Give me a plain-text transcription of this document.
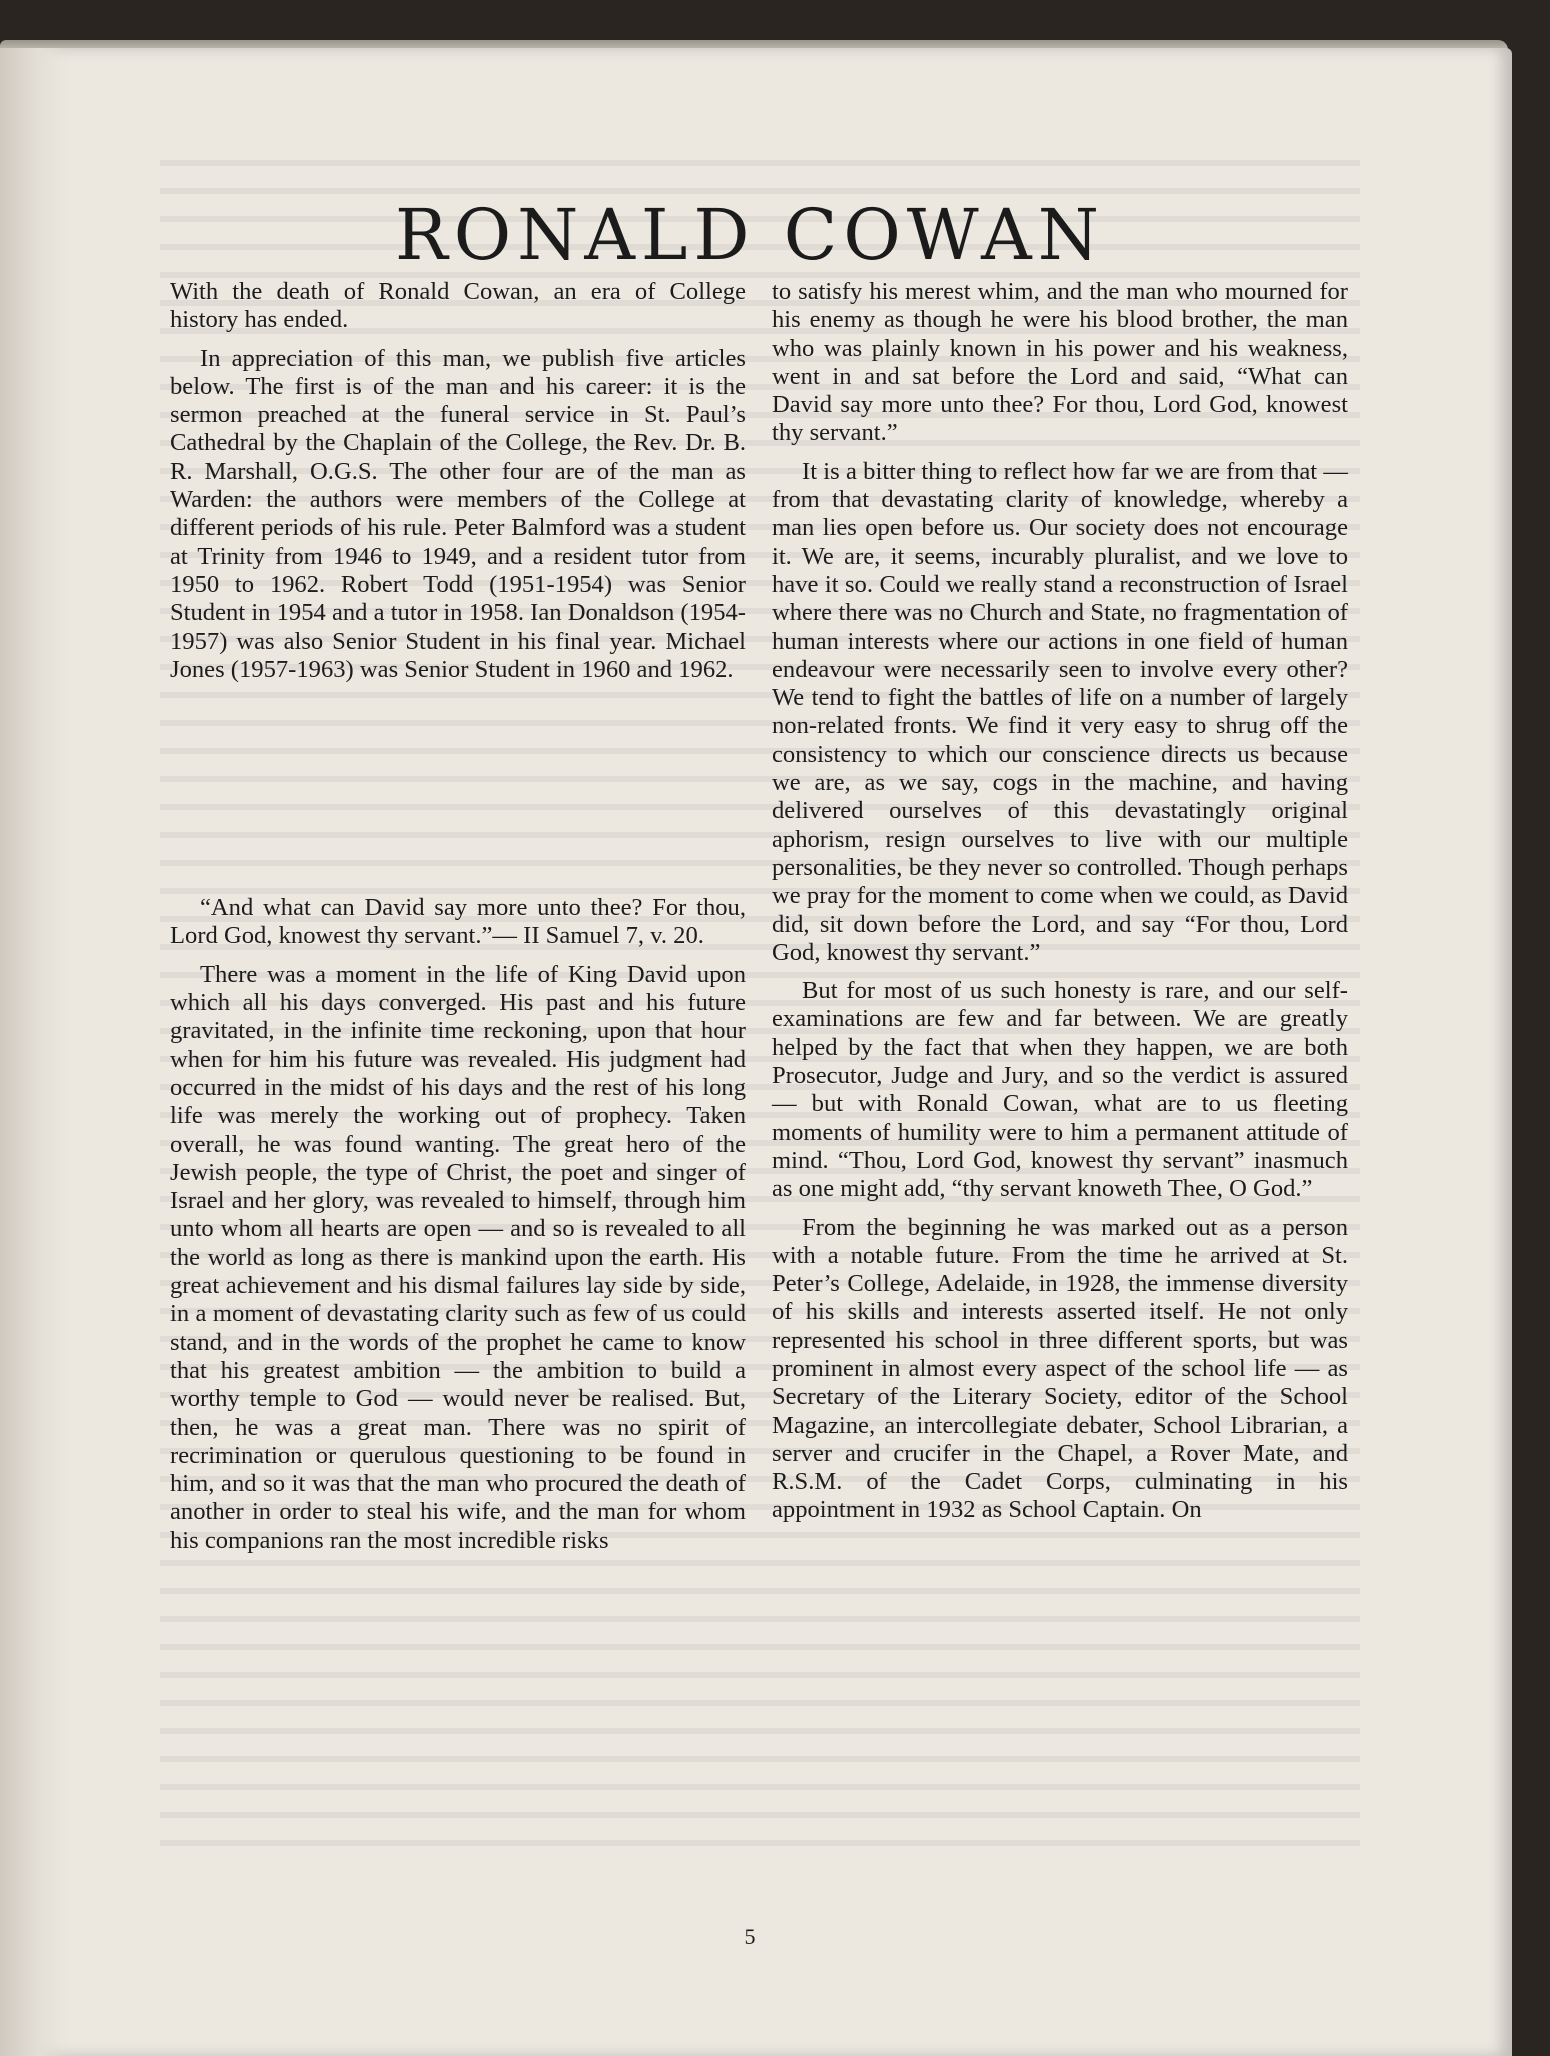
RONALD COWAN

With the death of Ronald Cowan, an era of College history has ended.

In appreciation of this man, we publish five articles below. The first is of the man and his career: it is the sermon preached at the funeral service in St. Paul’s Cathedral by the Chaplain of the College, the Rev. Dr. B. R. Marshall, O.G.S. The other four are of the man as Warden: the authors were members of the College at different periods of his rule. Peter Balmford was a student at Trinity from 1946 to 1949, and a resident tutor from 1950 to 1962. Robert Todd (1951-1954) was Senior Student in 1954 and a tutor in 1958. Ian Donaldson (1954-1957) was also Senior Student in his final year. Michael Jones (1957-1963) was Senior Student in 1960 and 1962.

“And what can David say more unto thee? For thou, Lord God, knowest thy servant.”— II Samuel 7, v. 20.

There was a moment in the life of King David upon which all his days converged. His past and his future gravitated, in the infinite time reckoning, upon that hour when for him his future was revealed. His judgment had occurred in the midst of his days and the rest of his long life was merely the working out of prophecy. Taken overall, he was found wanting. The great hero of the Jewish people, the type of Christ, the poet and singer of Israel and her glory, was revealed to himself, through him unto whom all hearts are open — and so is revealed to all the world as long as there is mankind upon the earth. His great achievement and his dismal failures lay side by side, in a moment of devastating clarity such as few of us could stand, and in the words of the prophet he came to know that his greatest ambition — the ambition to build a worthy temple to God — would never be realised. But, then, he was a great man. There was no spirit of recrimination or querulous questioning to be found in him, and so it was that the man who procured the death of another in order to steal his wife, and the man for whom his companions ran the most incredible risks

to satisfy his merest whim, and the man who mourned for his enemy as though he were his blood brother, the man who was plainly known in his power and his weakness, went in and sat before the Lord and said, “What can David say more unto thee? For thou, Lord God, knowest thy servant.”

It is a bitter thing to reflect how far we are from that — from that devastating clarity of knowledge, whereby a man lies open before us. Our society does not encourage it. We are, it seems, incurably pluralist, and we love to have it so. Could we really stand a reconstruction of Israel where there was no Church and State, no fragmentation of human interests where our actions in one field of human endeavour were necessarily seen to involve every other? We tend to fight the battles of life on a number of largely non-related fronts. We find it very easy to shrug off the consistency to which our conscience directs us because we are, as we say, cogs in the machine, and having delivered ourselves of this devastatingly original aphorism, resign ourselves to live with our multiple personalities, be they never so controlled. Though perhaps we pray for the moment to come when we could, as David did, sit down before the Lord, and say “For thou, Lord God, knowest thy servant.”

But for most of us such honesty is rare, and our self-examinations are few and far between. We are greatly helped by the fact that when they happen, we are both Prosecutor, Judge and Jury, and so the verdict is assured — but with Ronald Cowan, what are to us fleeting moments of humility were to him a permanent attitude of mind. “Thou, Lord God, knowest thy servant” inasmuch as one might add, “thy servant knoweth Thee, O God.”

From the beginning he was marked out as a person with a notable future. From the time he arrived at St. Peter’s College, Adelaide, in 1928, the immense diversity of his skills and interests asserted itself. He not only represented his school in three different sports, but was prominent in almost every aspect of the school life — as Secretary of the Literary Society, editor of the School Magazine, an intercollegiate debater, School Librarian, a server and crucifer in the Chapel, a Rover Mate, and R.S.M. of the Cadet Corps, culminating in his appointment in 1932 as School Captain. On

5
